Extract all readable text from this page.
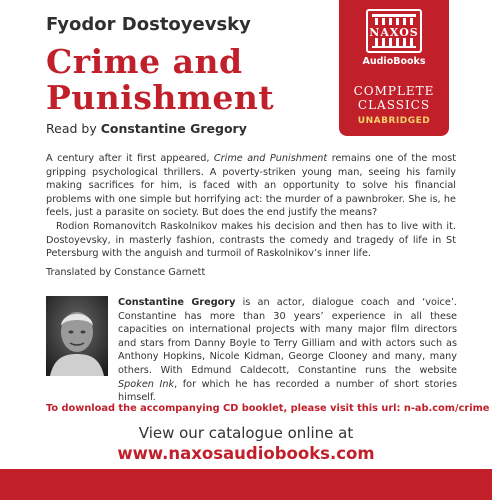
Fyodor Dostoyevsky
Crime and
Punishment
Read by Constantine Gregory
NAXOS
AudioBooks
COMPLETE
CLASSICS
UNABRIDGED

A century after it first appeared, Crime and Punishment remains one of the most gripping psychological thrillers. A poverty-striken young man, seeing his family making sacrifices for him, is faced with an opportunity to solve his financial problems with one simple but horrifying act: the murder of a pawnbroker. She is, he feels, just a parasite on society. But does the end justify the means?

Rodion Romanovitch Raskolnikov makes his decision and then has to live with it. Dostoyevsky, in masterly fashion, contrasts the comedy and tragedy of life in St Petersburg with the anguish and turmoil of Raskolnikov’s inner life.

Translated by Constance Garnett

Constantine Gregory is an actor, dialogue coach and ‘voice’. Constantine has more than 30 years’ experience in all these capacities on international projects with many major film directors and stars from Danny Boyle to Terry Gilliam and with actors such as Anthony Hopkins, Nicole Kidman, George Clooney and many, many others. With Edmund Caldecott, Constantine runs the website Spoken Ink, for which he has recorded a number of short stories himself.

To download the accompanying CD booklet, please visit this url: n-ab.com/crime
View our catalogue online at
www.naxosaudiobooks.com
